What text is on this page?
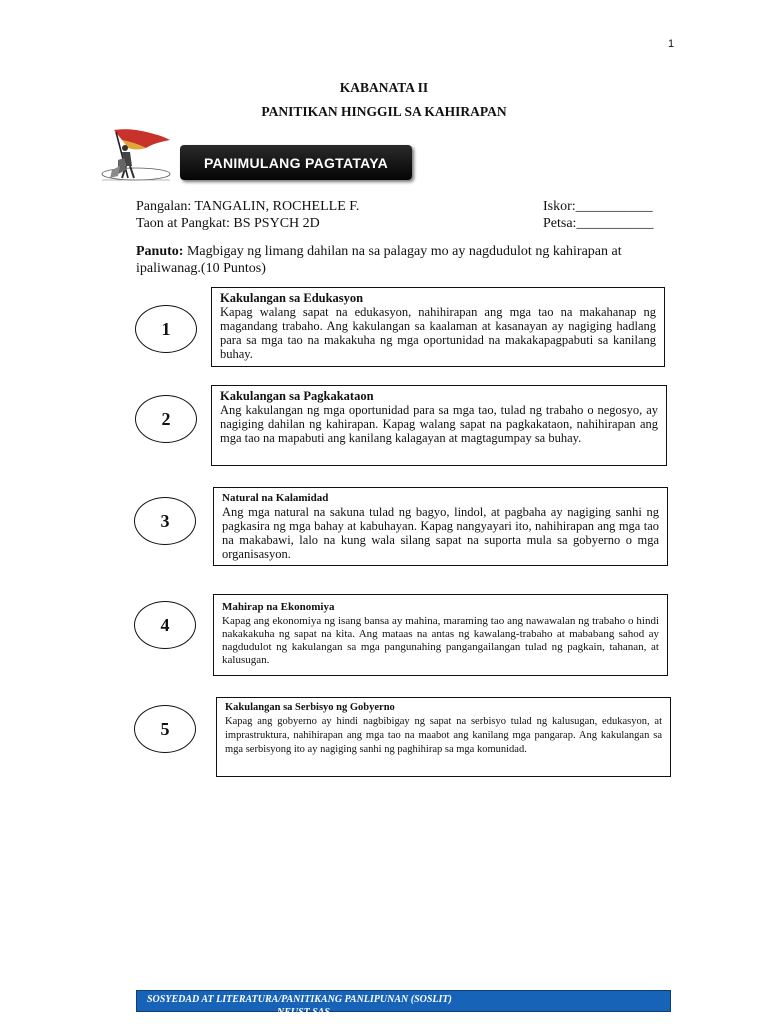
1
KABANATA II
PANITIKAN HINGGIL SA KAHIRAPAN
PANIMULANG PAGTATAYA
Pangalan: TANGALIN, ROCHELLE F.
Taon at Pangkat: BS PSYCH 2D
Iskor:___________
Petsa:___________
Panuto: Magbigay ng limang dahilan na sa palagay mo ay nagdudulot ng kahirapan at ipaliwanag.(10 Puntos)
1
Kakulangan sa Edukasyon
Kapag walang sapat na edukasyon, nahihirapan ang mga tao na makahanap ng magandang trabaho. Ang kakulangan sa kaalaman at kasanayan ay nagiging hadlang para sa mga tao na makakuha ng mga oportunidad na makakapagpabuti sa kanilang buhay.
2
Kakulangan sa Pagkakataon
Ang kakulangan ng mga oportunidad para sa mga tao, tulad ng trabaho o negosyo, ay nagiging dahilan ng kahirapan. Kapag walang sapat na pagkakataon, nahihirapan ang mga tao na mapabuti ang kanilang kalagayan at magtagumpay sa buhay.
3
Natural na Kalamidad
Ang mga natural na sakuna tulad ng bagyo, lindol, at pagbaha ay nagiging sanhi ng pagkasira ng mga bahay at kabuhayan. Kapag nangyayari ito, nahihirapan ang mga tao na makabawi, lalo na kung wala silang sapat na suporta mula sa gobyerno o mga organisasyon.
4
Mahirap na Ekonomiya
Kapag ang ekonomiya ng isang bansa ay mahina, maraming tao ang nawawalan ng trabaho o hindi nakakakuha ng sapat na kita. Ang mataas na antas ng kawalang-trabaho at mababang sahod ay nagdudulot ng kakulangan sa mga pangunahing pangangailangan tulad ng pagkain, tahanan, at kalusugan.
5
Kakulangan sa Serbisyo ng Gobyerno
Kapag ang gobyerno ay hindi nagbibigay ng sapat na serbisyo tulad ng kalusugan, edukasyon, at imprastruktura, nahihirapan ang mga tao na maabot ang kanilang mga pangarap. Ang kakulangan sa mga serbisyong ito ay nagiging sanhi ng paghihirap sa mga komunidad.
SOSYEDAD AT LITERATURA/PANITIKANG PANLIPUNAN (SOSLIT)
NEUST-SAS
